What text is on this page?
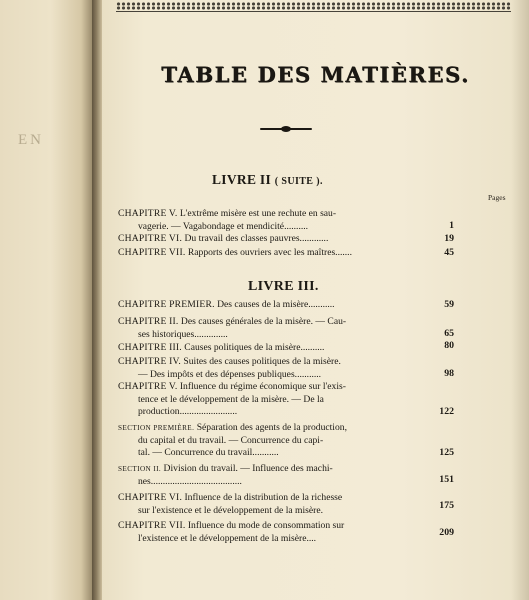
EN
TABLE DES MATIÈRES.
LIVRE II ( SUITE ).
Pages
CHAPITRE V. L'extrême misère est une rechute en sau-
vagerie. — Vagabondage et mendicité..........	1
CHAPITRE VI. Du travail des classes pauvres............	19
CHAPITRE VII. Rapports des ouvriers avec les maîtres.......	45
LIVRE III.
CHAPITRE PREMIER. Des causes de la misère...........	59
CHAPITRE II. Des causes générales de la misère. — Cau-
ses historiques..............	65
CHAPITRE III. Causes politiques de la misère..........	80
CHAPITRE IV. Suites des causes politiques de la misère.
— Des impôts et des dépenses publiques...........	98
CHAPITRE V. Influence du régime économique sur l'exis-
tence et le développement de la misère. — De la
production........................	122
SECTION PREMIÈRE. Séparation des agents de la production,
du capital et du travail. — Concurrence du capi-
tal. — Concurrence du travail...........	125
SECTION II. Division du travail. — Influence des machi-
nes......................................	151
CHAPITRE VI. Influence de la distribution de la richesse
sur l'existence et le développement de la misère.	175
CHAPITRE VII. Influence du mode de consommation sur
l'existence et le développement de la misère....	209
